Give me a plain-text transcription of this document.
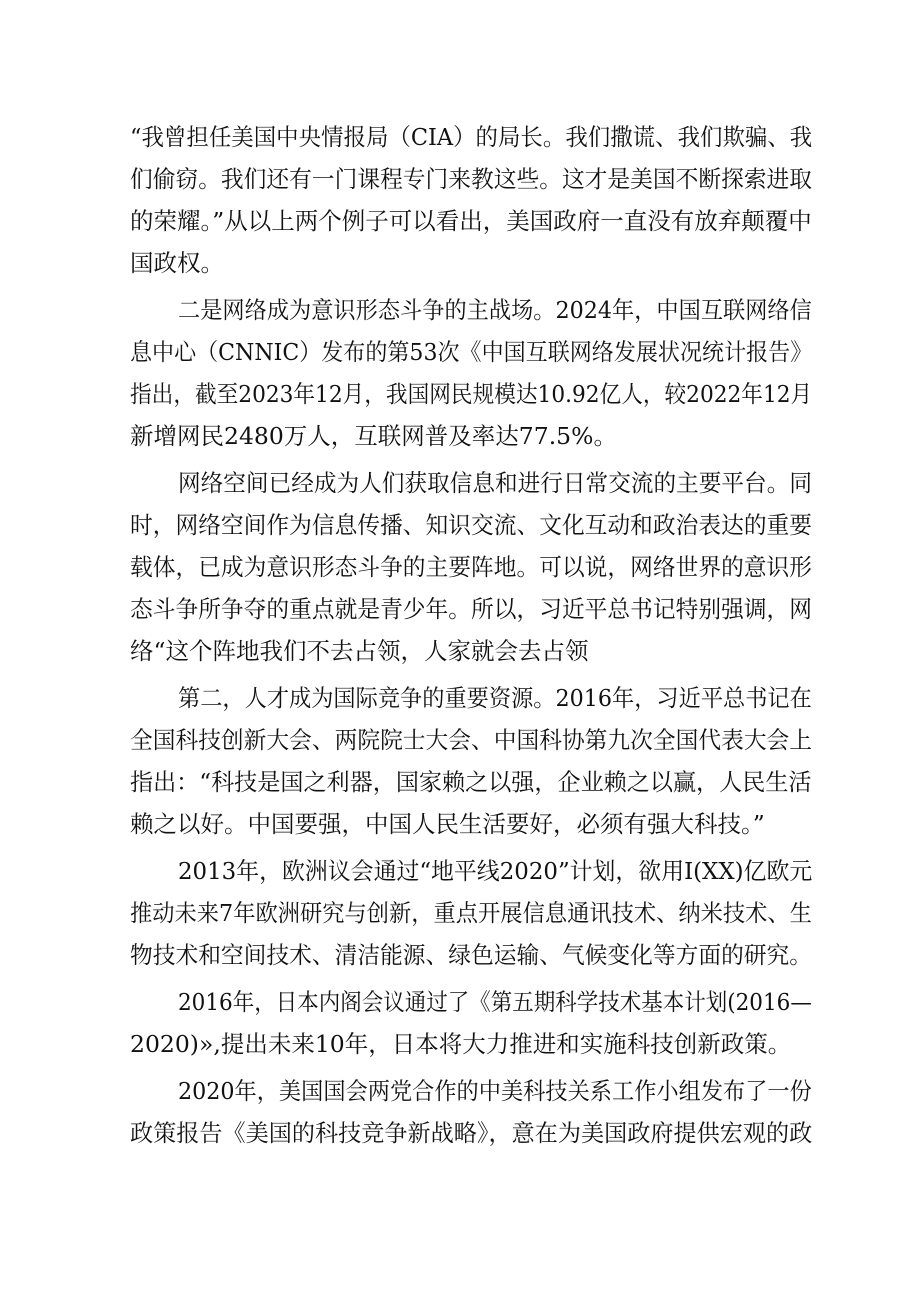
“我曾担任美国中央情报局（CIA）的局长。我们撒谎、我们欺骗、我
们偷窃。我们还有一门课程专门来教这些。这才是美国不断探索进取
的荣耀。”从以上两个例子可以看出，美国政府一直没有放弃颠覆中
国政权。
二是网络成为意识形态斗争的主战场。2024年，中国互联网络信
息中心（CNNIC）发布的第53次《中国互联网络发展状况统计报告》
指出，截至2023年12月，我国网民规模达10.92亿人，较2022年12月
新增网民2480万人，互联网普及率达77.5%。
网络空间已经成为人们获取信息和进行日常交流的主要平台。同
时，网络空间作为信息传播、知识交流、文化互动和政治表达的重要
载体，已成为意识形态斗争的主要阵地。可以说，网络世界的意识形
态斗争所争夺的重点就是青少年。所以，习近平总书记特别强调，网
络“这个阵地我们不去占领，人家就会去占领
第二，人才成为国际竞争的重要资源。2016年，习近平总书记在
全国科技创新大会、两院院士大会、中国科协第九次全国代表大会上
指出：“科技是国之利器，国家赖之以强，企业赖之以赢，人民生活
赖之以好。中国要强，中国人民生活要好，必须有强大科技。”
2013年，欧洲议会通过“地平线2020”计划，欲用I(XX)亿欧元
推动未来7年欧洲研究与创新，重点开展信息通讯技术、纳米技术、生
物技术和空间技术、清洁能源、绿色运输、气候变化等方面的研究。
2016年，日本内阁会议通过了《第五期科学技术基本计划(2016—
2020)»,提出未来10年，日本将大力推进和实施科技创新政策。
2020年，美国国会两党合作的中美科技关系工作小组发布了一份
政策报告《美国的科技竞争新战略》，意在为美国政府提供宏观的政
